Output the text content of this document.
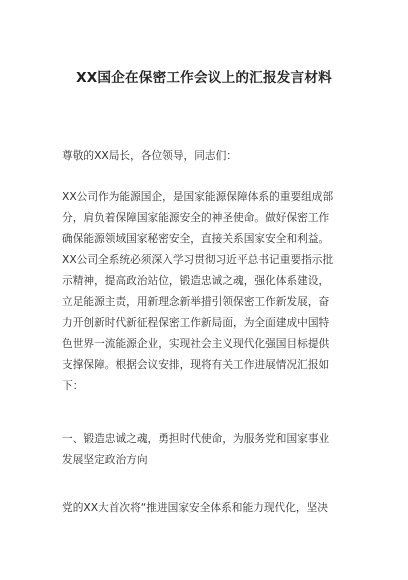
XX国企在保密工作会议上的汇报发言材料
尊敬的XX局长，各位领导，同志们：
XX公司作为能源国企，是国家能源保障体系的重要组成部
分，肩负着保障国家能源安全的神圣使命。做好保密工作
确保能源领域国家秘密安全，直接关系国家安全和利益。
XX公司全系统必须深入学习贯彻习近平总书记重要指示批
示精神，提高政治站位，锻造忠诚之魂，强化体系建设，
立足能源主责，用新理念新举措引领保密工作新发展，奋
力开创新时代新征程保密工作新局面，为全面建成中国特
色世界一流能源企业，实现社会主义现代化强国目标提供
支撑保障。根据会议安排，现将有关工作进展情况汇报如
下：
一、锻造忠诚之魂，勇担时代使命，为服务党和国家事业
发展坚定政治方向
党的XX大首次将“推进国家安全体系和能力现代化，坚决
